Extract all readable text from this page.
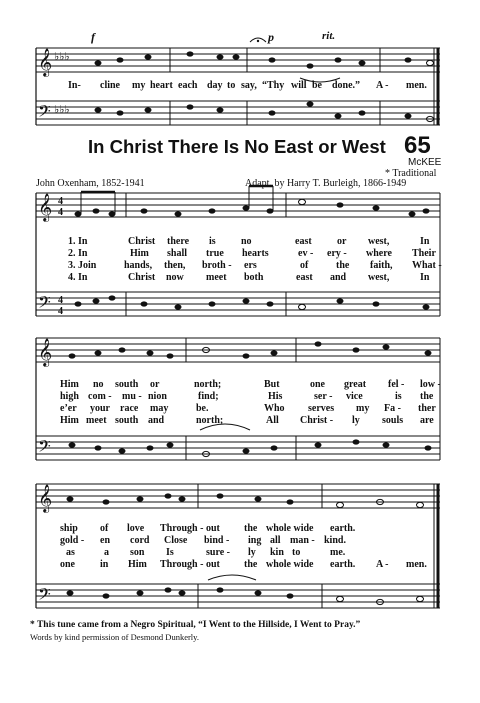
𝄞
𝄢
♭♭♭
♭♭♭
𝄞
𝄢
4
4
4
4
𝄞
𝄢
𝄞
𝄢
f	p	rit.
In- cline my heart each day to say, “Thy will be done.” A - men.
In Christ There Is No East or West 65
McKEE
* Traditional
John Oxenham, 1852-1941	Adapt. by Harry T. Burleigh, 1866-1949
1. In	Christ there is	no	east	or west,	In
2. In	Him shall true hearts	ev - ery - where Their
3. Join	hands, then, broth - ers	of	the faith, What -
4. In	Christ now meet both	east and west,	In
Him no south or	north;	But	one great fel - low -
high com - mu - nion	find;	His	ser - vice	is the
e’er your race may	be.	Who serves my Fa - ther
Him meet south and	north;	All Christ - ly souls are
ship of love Through - out the whole wide earth.
gold - en cord Close bind - ing all man - kind.
as	a son Is	sure - ly kin to	me.
one	in Him Through - out the whole wide earth. A - men.
* This tune came from a Negro Spiritual, “I Went to the Hillside, I Went to Pray.”
Words by kind permission of Desmond Dunkerly.
